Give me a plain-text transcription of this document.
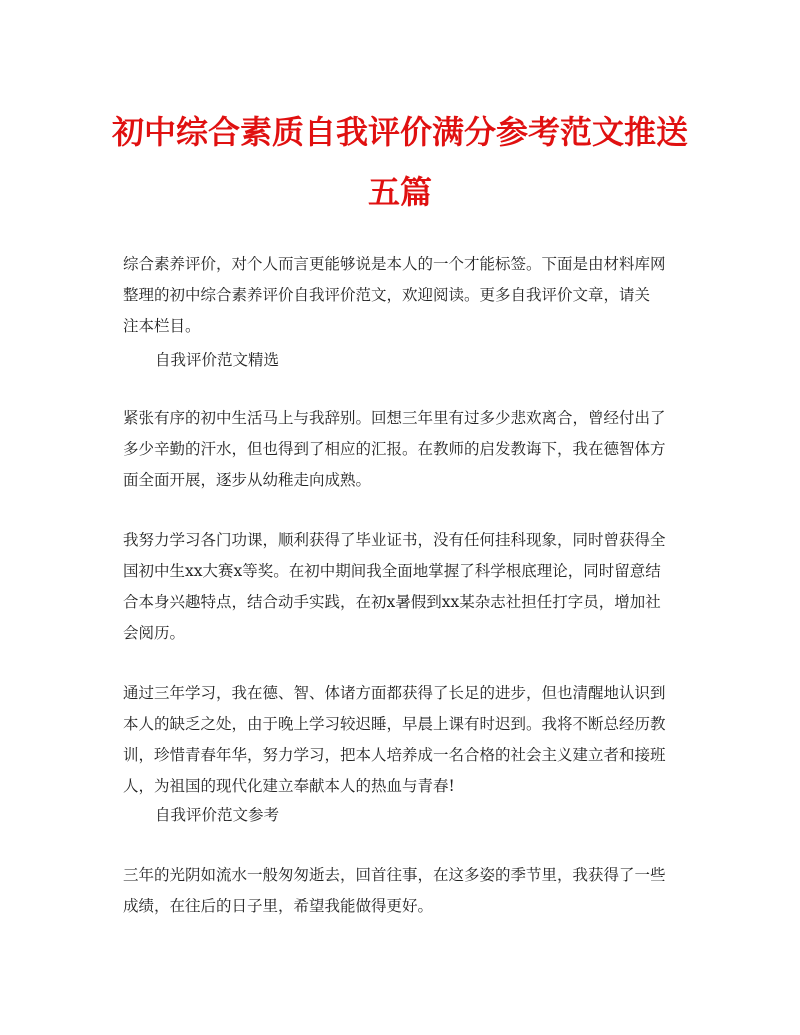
初中综合素质自我评价满分参考范文推送
五篇
综合素养评价，对个人而言更能够说是本人的一个才能标签。下面是由材料库网
整理的初中综合素养评价自我评价范文，欢迎阅读。更多自我评价文章，请关
注本栏目。
自我评价范文精选
紧张有序的初中生活马上与我辞别。回想三年里有过多少悲欢离合，曾经付出了
多少辛勤的汗水，但也得到了相应的汇报。在教师的启发教诲下，我在德智体方
面全面开展，逐步从幼稚走向成熟。
我努力学习各门功课，顺利获得了毕业证书，没有任何挂科现象，同时曾获得全
国初中生xx大赛x等奖。在初中期间我全面地掌握了科学根底理论，同时留意结
合本身兴趣特点，结合动手实践，在初x暑假到xx某杂志社担任打字员，增加社
会阅历。
通过三年学习，我在德、智、体诸方面都获得了长足的进步，但也清醒地认识到
本人的缺乏之处，由于晚上学习较迟睡，早晨上课有时迟到。我将不断总经历教
训，珍惜青春年华，努力学习，把本人培养成一名合格的社会主义建立者和接班
人，为祖国的现代化建立奉献本人的热血与青春!
自我评价范文参考
三年的光阴如流水一般匆匆逝去，回首往事，在这多姿的季节里，我获得了一些
成绩，在往后的日子里，希望我能做得更好。
